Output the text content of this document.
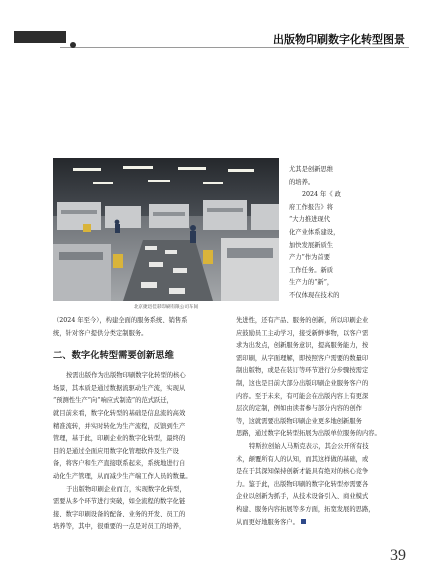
出版物印刷数字化转型图景
北京捷迅佳彩印刷有限公司车间
尤其是创新思维
的培养。
2024 年《 政
府工作报告》将
“大力推进现代
化产业体系建设，
加快发展新质生
产力”作为首要
工作任务。新质
生产力的“新”，
不仅体现在技术的
（2024 年至今），构建全面的服务系统、销售系
统，针对客户提供分类定制服务。
二、数字化转型需要创新思维
按需出版作为出版物印刷数字化转型的核心
场景，其本质是通过数据流驱动生产流，实现从
“预测性生产”向“响应式制造”的范式跃迁，
就目前来看，数字化转型的基础是信息流的高效
精准流转，并实时转化为生产流程，反馈到生产
管理，基于此，印刷企业的数字化转型，最终的
目的是通过全面应用数字化管理软件及生产设
备，将客户和生产直接联系起来，系统地进行自
动化生产管理，从而减少生产端工作人员的数量。
于出版物印刷企业而言，实现数字化转型，
需要从多个环节进行突破，如全流程的数字化链
接、数字印刷设备的配备、业务的开发、员工的
培养等，其中，很重要的一点是对员工的培养，
先进性，还有产品、服务的创新，所以印刷企业
应鼓励员工主动学习，接受新鲜事物，以客户需
求为出发点，创新服务意识，提高服务能力，按
需印刷，从字面理解，即按照客户需要的数量印
制出版物，或是在装订等环节进行分步骤按需定
制，这也是目前大部分出版印刷企业服务客户的
内容。至于未来，有可能会在出版内容上有更深
层次的定制，例如由读者参与部分内容的创作
等，这就需要出版物印刷企业更多地创新服务
思路，通过数字化转型拓展为出版单位服务的内容。
特斯拉创始人马斯克表示，其会公开所有技
术，颠覆所有人的认知，而其这样做的基础，或
是在于其深知保持创新才能具有绝对的核心竞争
力。鉴于此，出版物印刷的数字化转型亦需要各
企业以创新为抓手，从技术设备引入、商业模式
构建、服务内容拓展等多方面，拓宽发展的思路，
从而更好地服务客户。
39
